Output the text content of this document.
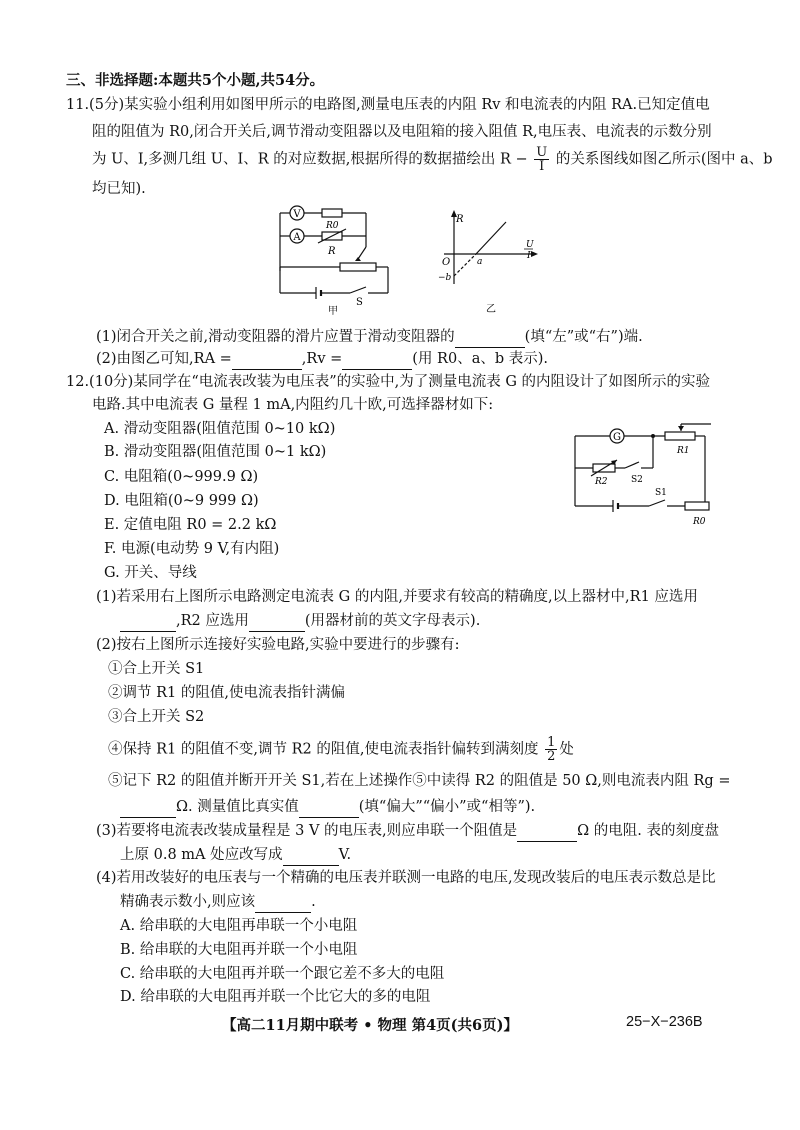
三、非选择题:本题共5个小题,共54分。
11.(5分)某实验小组利用如图甲所示的电路图,测量电压表的内阻 Rv 和电流表的内阻 RA.已知定值电
阻的阻值为 R0,闭合开关后,调节滑动变阻器以及电阻箱的接入阻值 R,电压表、电流表的示数分别
为 U、I,多测几组 U、I、R 的对应数据,根据所得的数据描绘出 $R - \frac{U}{I}$ 的关系图线如图乙所示(图中 a、b
均已知).
V
A
R0
R
S
甲
R
U
I
O	a
−b
乙
(1)闭合开关之前,滑动变阻器的滑片应置于滑动变阻器的	(填“左”或“右”)端.
(2)由图乙可知,RA =	,Rv =	(用 R0、a、b 表示).
12.(10分)某同学在“电流表改装为电压表”的实验中,为了测量电流表 G 的内阻设计了如图所示的实验
电路.其中电流表 G 量程 1 mA,内阻约几十欧,可选择器材如下:
A. 滑动变阻器(阻值范围 0~10 kΩ)
B. 滑动变阻器(阻值范围 0~1 kΩ)
C. 电阻箱(0~999.9 Ω)
D. 电阻箱(0~9 999 Ω)
E. 定值电阻 R0 = 2.2 kΩ
F. 电源(电动势 9 V,有内阻)
G. 开关、导线
G
R1
R2	S2
S1
R0
(1)若采用右上图所示电路测定电流表 G 的内阻,并要求有较高的精确度,以上器材中,R1 应选用
,R2 应选用	(用器材前的英文字母表示).
(2)按右上图所示连接好实验电路,实验中要进行的步骤有:
①合上开关 S1
②调节 R1 的阻值,使电流表指针满偏
③合上开关 S2
④保持 R1 的阻值不变,调节 R2 的阻值,使电流表指针偏转到满刻度 $\frac{1}{2}$ 处
⑤记下 R2 的阻值并断开开关 S1,若在上述操作⑤中读得 R2 的阻值是 50 Ω,则电流表内阻 Rg =
Ω. 测量值比真实值	(填“偏大”“偏小”或“相等”).
(3)若要将电流表改装成量程是 3 V 的电压表,则应串联一个阻值是	Ω 的电阻. 表的刻度盘
上原 0.8 mA 处应改写成	V.
(4)若用改装好的电压表与一个精确的电压表并联测一电路的电压,发现改装后的电压表示数总是比
精确表示数小,则应该	.
A. 给串联的大电阻再串联一个小电阻
B. 给串联的大电阻再并联一个小电阻
C. 给串联的大电阻再并联一个跟它差不多大的电阻
D. 给串联的大电阻再并联一个比它大的多的电阻
【高二11月期中联考 • 物理 第4页(共6页)】	25−X−236B
